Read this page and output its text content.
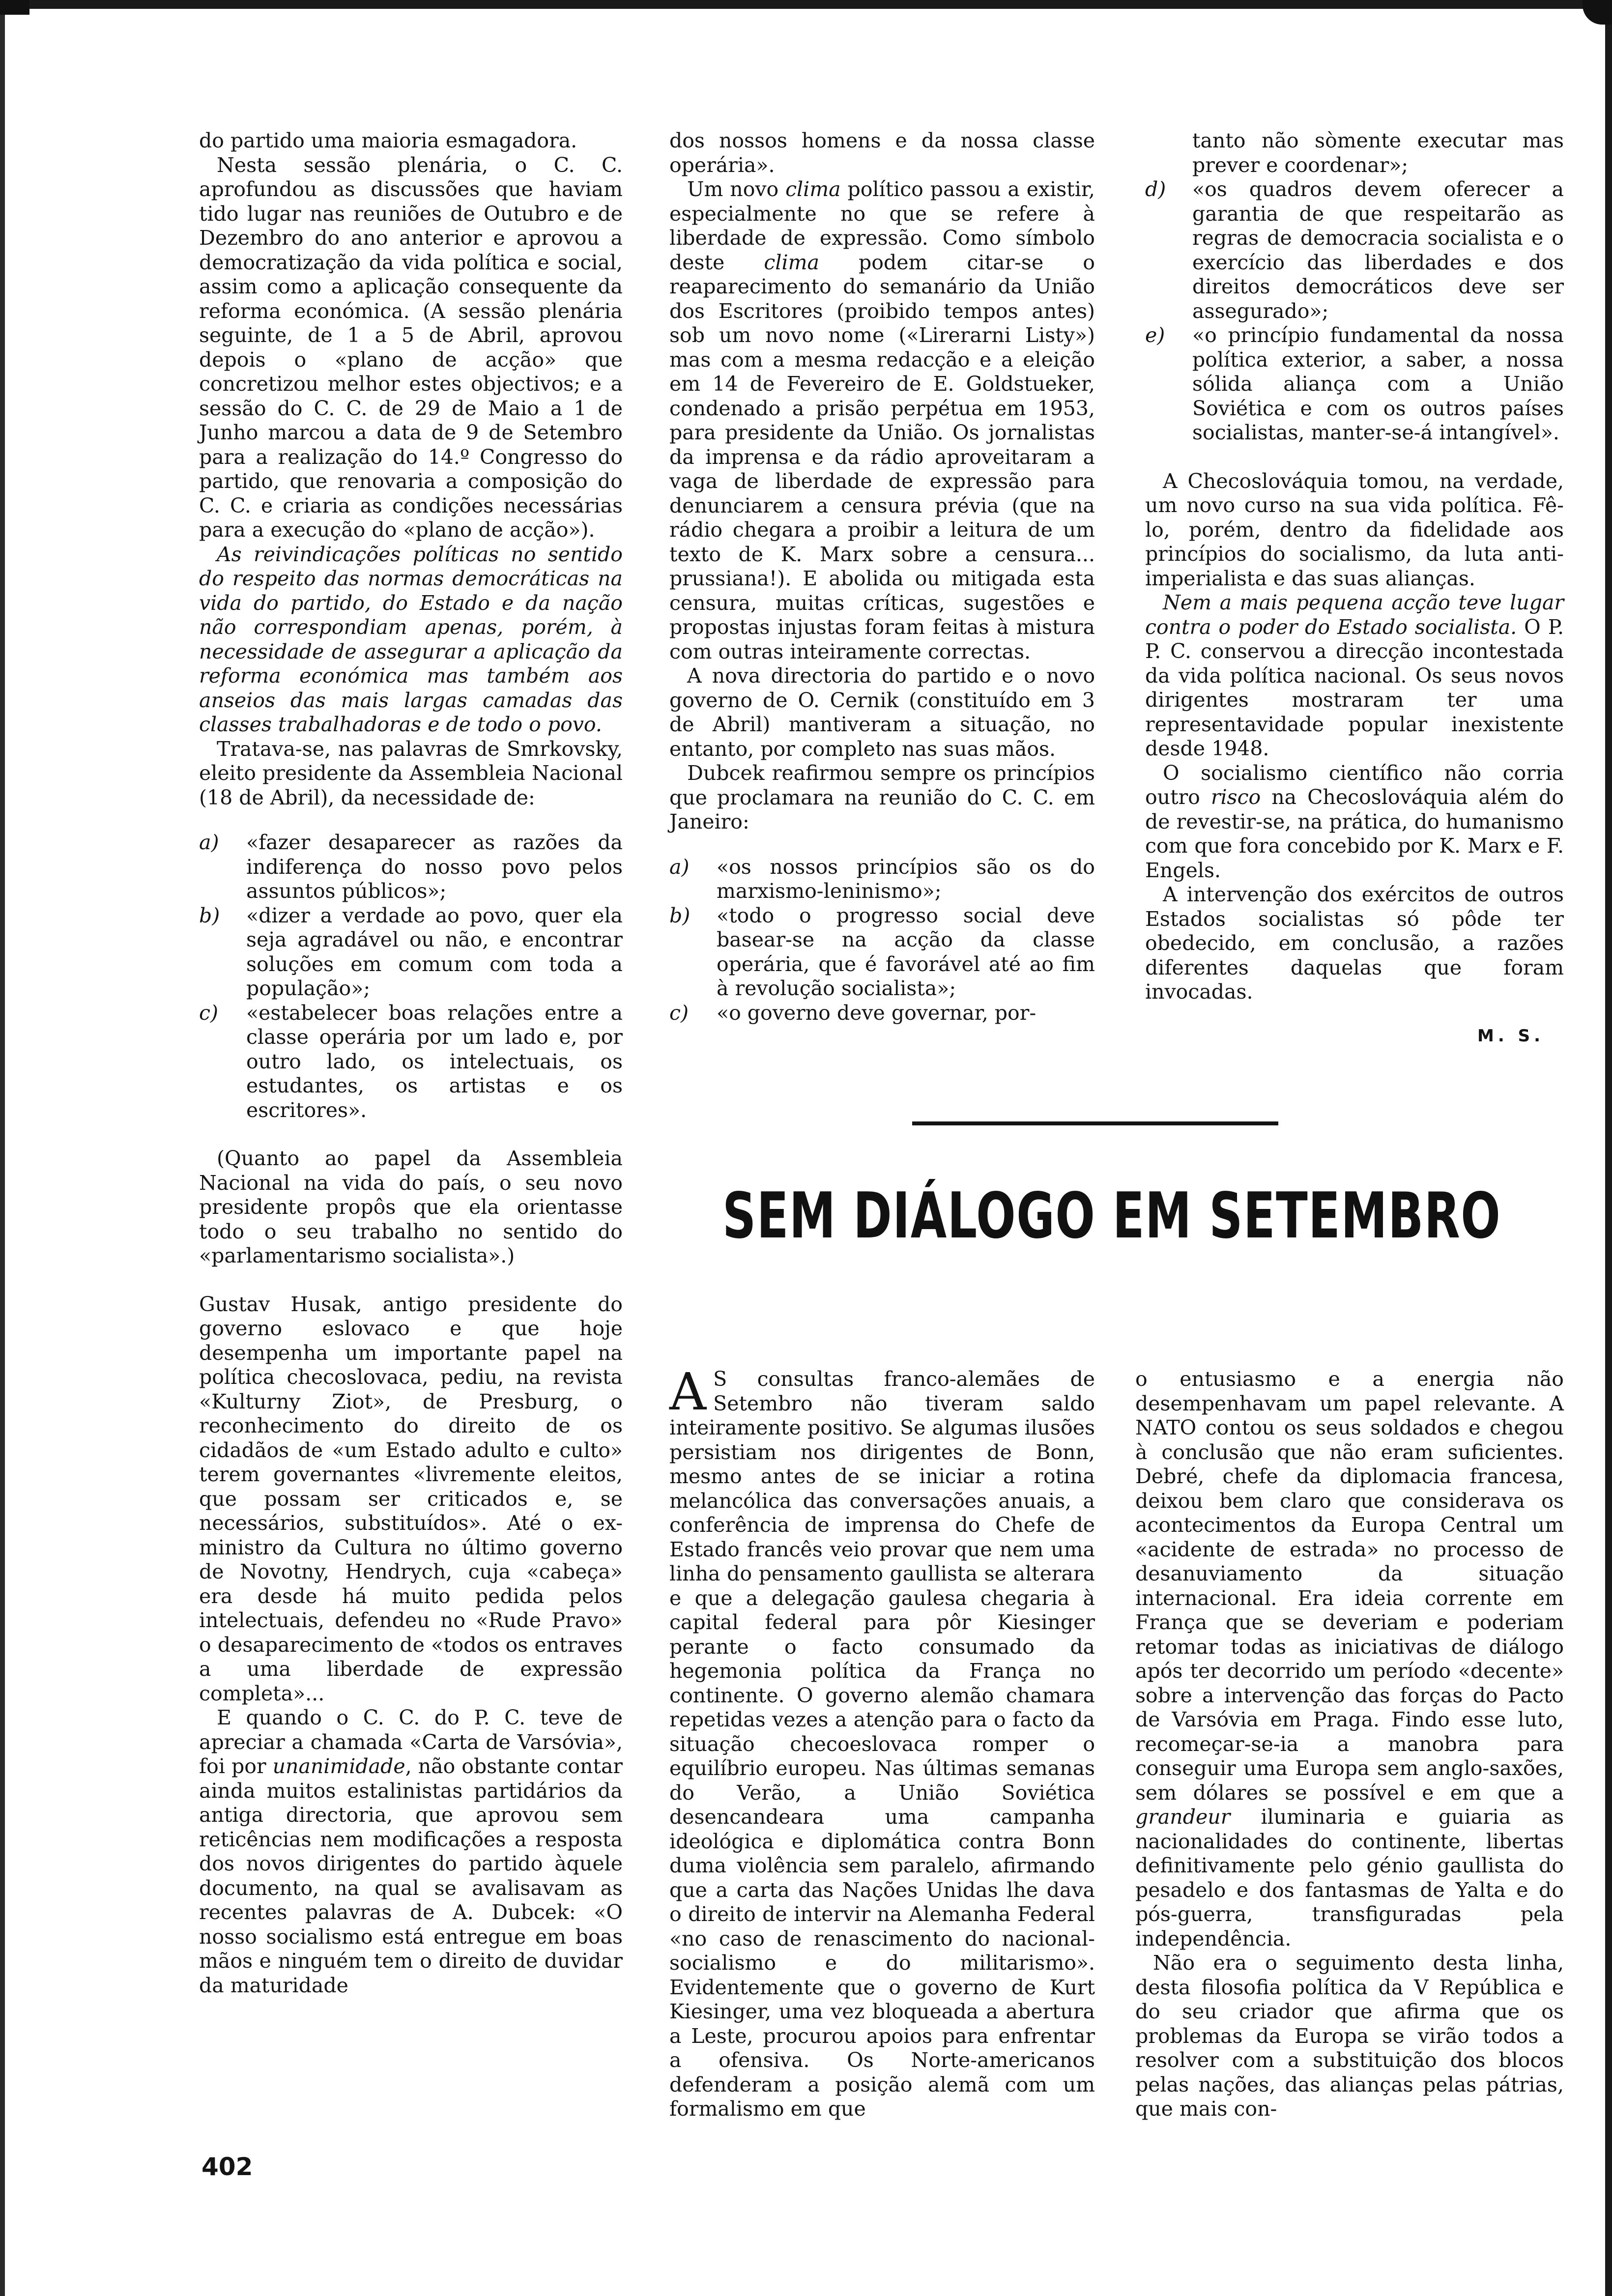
do partido uma maioria esmagadora.

Nesta sessão plenária, o C. C. aprofundou as discussões que haviam tido lugar nas reuniões de Outubro e de Dezembro do ano anterior e aprovou a democratização da vida política e social, assim como a aplicação consequente da reforma económica. (A sessão plenária seguinte, de 1 a 5 de Abril, aprovou depois o «plano de acção» que concretizou melhor estes objectivos; e a sessão do C. C. de 29 de Maio a 1 de Junho marcou a data de 9 de Setembro para a realização do 14.º Congresso do partido, que renovaria a composição do C. C. e criaria as condições necessárias para a execução do «plano de acção»).

As reivindicações políticas no sentido do respeito das normas democráticas na vida do partido, do Estado e da nação não correspondiam apenas, porém, à necessidade de assegurar a aplicação da reforma económica mas também aos anseios das mais largas camadas das classes trabalhadoras e de todo o povo.

Tratava-se, nas palavras de Smrkovsky, eleito presidente da Assembleia Nacional (18 de Abril), da necessidade de:

a)	«fazer desaparecer as razões da indiferença do nosso povo pelos assuntos públicos»;
b)	«dizer a verdade ao povo, quer ela seja agradável ou não, e encontrar soluções em comum com toda a população»;
c)	«estabelecer boas relações entre a classe operária por um lado e, por outro lado, os intelectuais, os estudantes, os artistas e os escritores».

(Quanto ao papel da Assembleia Nacional na vida do país, o seu novo presidente propôs que ela orientasse todo o seu trabalho no sentido do «parlamentarismo socialista».)

Gustav Husak, antigo presidente do governo eslovaco e que hoje desempenha um importante papel na política checoslovaca, pediu, na revista «Kulturny Ziot», de Presburg, o reconhecimento do direito de os cidadãos de «um Estado adulto e culto» terem governantes «livremente eleitos, que possam ser criticados e, se necessários, substituídos». Até o ex-ministro da Cultura no último governo de Novotny, Hendrych, cuja «cabeça» era desde há muito pedida pelos intelectuais, defendeu no «Rude Pravo» o desaparecimento de «todos os entraves a uma liberdade de expressão completa»...

E quando o C. C. do P. C. teve de apreciar a chamada «Carta de Varsóvia», foi por unanimidade, não obstante contar ainda muitos estalinistas partidários da antiga directoria, que aprovou sem reticências nem modificações a resposta dos novos dirigentes do partido àquele documento, na qual se avalisavam as recentes palavras de A. Dubcek: «O nosso socialismo está entregue em boas mãos e ninguém tem o direito de duvidar da maturidade

dos nossos homens e da nossa classe operária».

Um novo clima político passou a existir, especialmente no que se refere à liberdade de expressão. Como símbolo deste clima podem citar-se o reaparecimento do semanário da União dos Escritores (proibido tempos antes) sob um novo nome («Lirerarni Listy») mas com a mesma redacção e a eleição em 14 de Fevereiro de E. Goldstueker, condenado a prisão perpétua em 1953, para presidente da União. Os jornalistas da imprensa e da rádio aproveitaram a vaga de liberdade de expressão para denunciarem a censura prévia (que na rádio chegara a proibir a leitura de um texto de K. Marx sobre a censura... prussiana!). E abolida ou mitigada esta censura, muitas críticas, sugestões e propostas injustas foram feitas à mistura com outras inteiramente correctas.

A nova directoria do partido e o novo governo de O. Cernik (constituído em 3 de Abril) mantiveram a situação, no entanto, por completo nas suas mãos.

Dubcek reafirmou sempre os princípios que proclamara na reunião do C. C. em Janeiro:

a)	«os nossos princípios são os do marxismo-leninismo»;
b)	«todo o progresso social deve basear-se na acção da classe operária, que é favorável até ao fim à revolução socialista»;
c)	«o governo deve governar, por-
tanto não sòmente executar mas prever e coordenar»;
d)	«os quadros devem oferecer a garantia de que respeitarão as regras de democracia socialista e o exercício das liberdades e dos direitos democráticos deve ser assegurado»;
e)	«o princípio fundamental da nossa política exterior, a saber, a nossa sólida aliança com a União Soviética e com os outros países socialistas, manter-se-á intangível».

A Checoslováquia tomou, na verdade, um novo curso na sua vida política. Fê-lo, porém, dentro da fidelidade aos princípios do socialismo, da luta anti-imperialista e das suas alianças.

Nem a mais pequena acção teve lugar contra o poder do Estado socialista. O P. P. C. conservou a direcção incontestada da vida política nacional. Os seus novos dirigentes mostraram ter uma representavidade popular inexistente desde 1948.

O socialismo científico não corria outro risco na Checoslováquia além do de revestir-se, na prática, do humanismo com que fora concebido por K. Marx e F. Engels.

A intervenção dos exércitos de outros Estados socialistas só pôde ter obedecido, em conclusão, a razões diferentes daquelas que foram invocadas.

M. S.
SEM DIÁLOGO EM SETEMBRO

A S consultas franco-alemães de Setembro não tiveram saldo inteiramente positivo. Se algumas ilusões persistiam nos dirigentes de Bonn, mesmo antes de se iniciar a rotina melancólica das conversações anuais, a conferência de imprensa do Chefe de Estado francês veio provar que nem uma linha do pensamento gaullista se alterara e que a delegação gaulesa chegaria à capital federal para pôr Kiesinger perante o facto consumado da hegemonia política da França no continente. O governo alemão chamara repetidas vezes a atenção para o facto da situação checoeslovaca romper o equilíbrio europeu. Nas últimas semanas do Verão, a União Soviética desencandeara uma campanha ideológica e diplomática contra Bonn duma violência sem paralelo, afirmando que a carta das Nações Unidas lhe dava o direito de intervir na Alemanha Federal «no caso de renascimento do nacional-socialismo e do militarismo». Evidentemente que o governo de Kurt Kiesinger, uma vez bloqueada a abertura a Leste, procurou apoios para enfrentar a ofensiva. Os Norte-americanos defenderam a posição alemã com um formalismo em que

o entusiasmo e a energia não desempenhavam um papel relevante. A NATO contou os seus soldados e chegou à conclusão que não eram suficientes. Debré, chefe da diplomacia francesa, deixou bem claro que considerava os acontecimentos da Europa Central um «acidente de estrada» no processo de desanuviamento da situação internacional. Era ideia corrente em França que se deveriam e poderiam retomar todas as iniciativas de diálogo após ter decorrido um período «decente» sobre a intervenção das forças do Pacto de Varsóvia em Praga. Findo esse luto, recomeçar-se-ia a manobra para conseguir uma Europa sem anglo-saxões, sem dólares se possível e em que a grandeur iluminaria e guiaria as nacionalidades do continente, libertas definitivamente pelo génio gaullista do pesadelo e dos fantasmas de Yalta e do pós-guerra, transfiguradas pela independência.

Não era o seguimento desta linha, desta filosofia política da V República e do seu criador que afirma que os problemas da Europa se virão todos a resolver com a substituição dos blocos pelas nações, das alianças pelas pátrias, que mais con-

402
